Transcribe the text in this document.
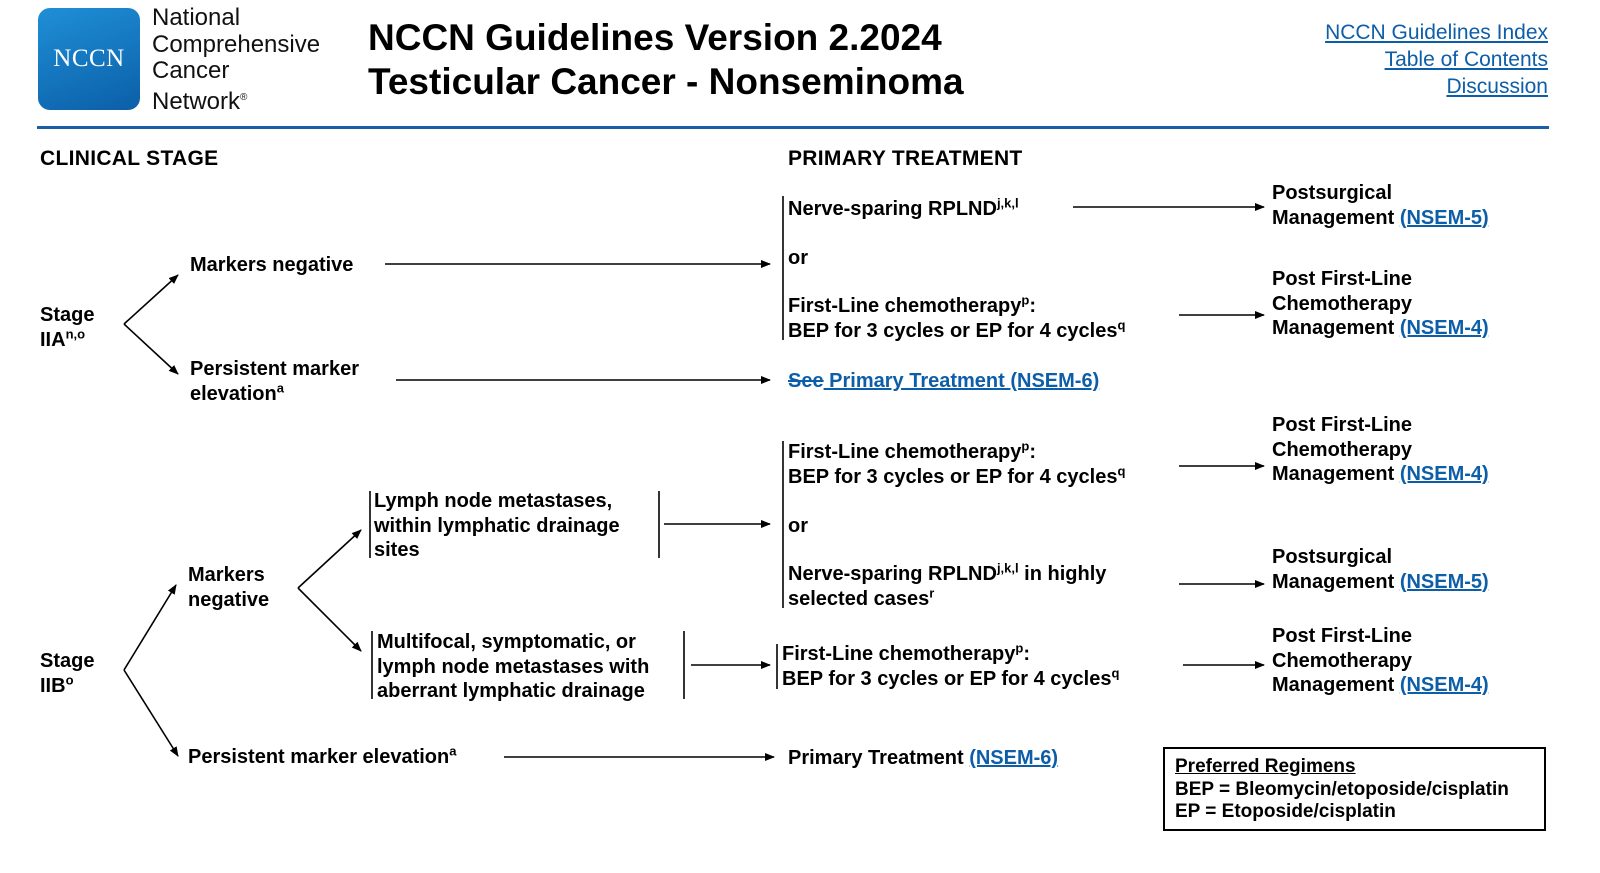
NCCN
National
Comprehensive
Cancer
Network®
NCCN Guidelines Version 2.2024
Testicular Cancer - Nonseminoma
NCCN Guidelines Index
Table of Contents
Discussion
CLINICAL STAGE	PRIMARY TREATMENT
Stage
IIA$^{n,o}$
Markers negative
Persistent marker
elevation$^a$
Nerve-sparing RPLND$^{j,k,l}$
or
First-Line chemotherapy$^p$:
BEP for 3 cycles or EP for 4 cycles$^q$
See Primary Treatment (NSEM-6)
Postsurgical
Management (NSEM-5)
Post First-Line
Chemotherapy
Management (NSEM-4)
Stage
IIB$^o$
Markers
negative
Lymph node metastases,
within lymphatic drainage
sites
Multifocal, symptomatic, or
lymph node metastases with
aberrant lymphatic drainage
First-Line chemotherapy$^p$:
BEP for 3 cycles or EP for 4 cycles$^q$
or
Nerve-sparing RPLND$^{j,k,l}$ in highly
selected cases$^r$
First-Line chemotherapy$^p$:
BEP for 3 cycles or EP for 4 cycles$^q$
Persistent marker elevation$^a$	Primary Treatment (NSEM-6)
Post First-Line
Chemotherapy
Management (NSEM-4)
Postsurgical
Management (NSEM-5)
Post First-Line
Chemotherapy
Management (NSEM-4)
Preferred Regimens
BEP = Bleomycin/etoposide/cisplatin
EP = Etoposide/cisplatin
